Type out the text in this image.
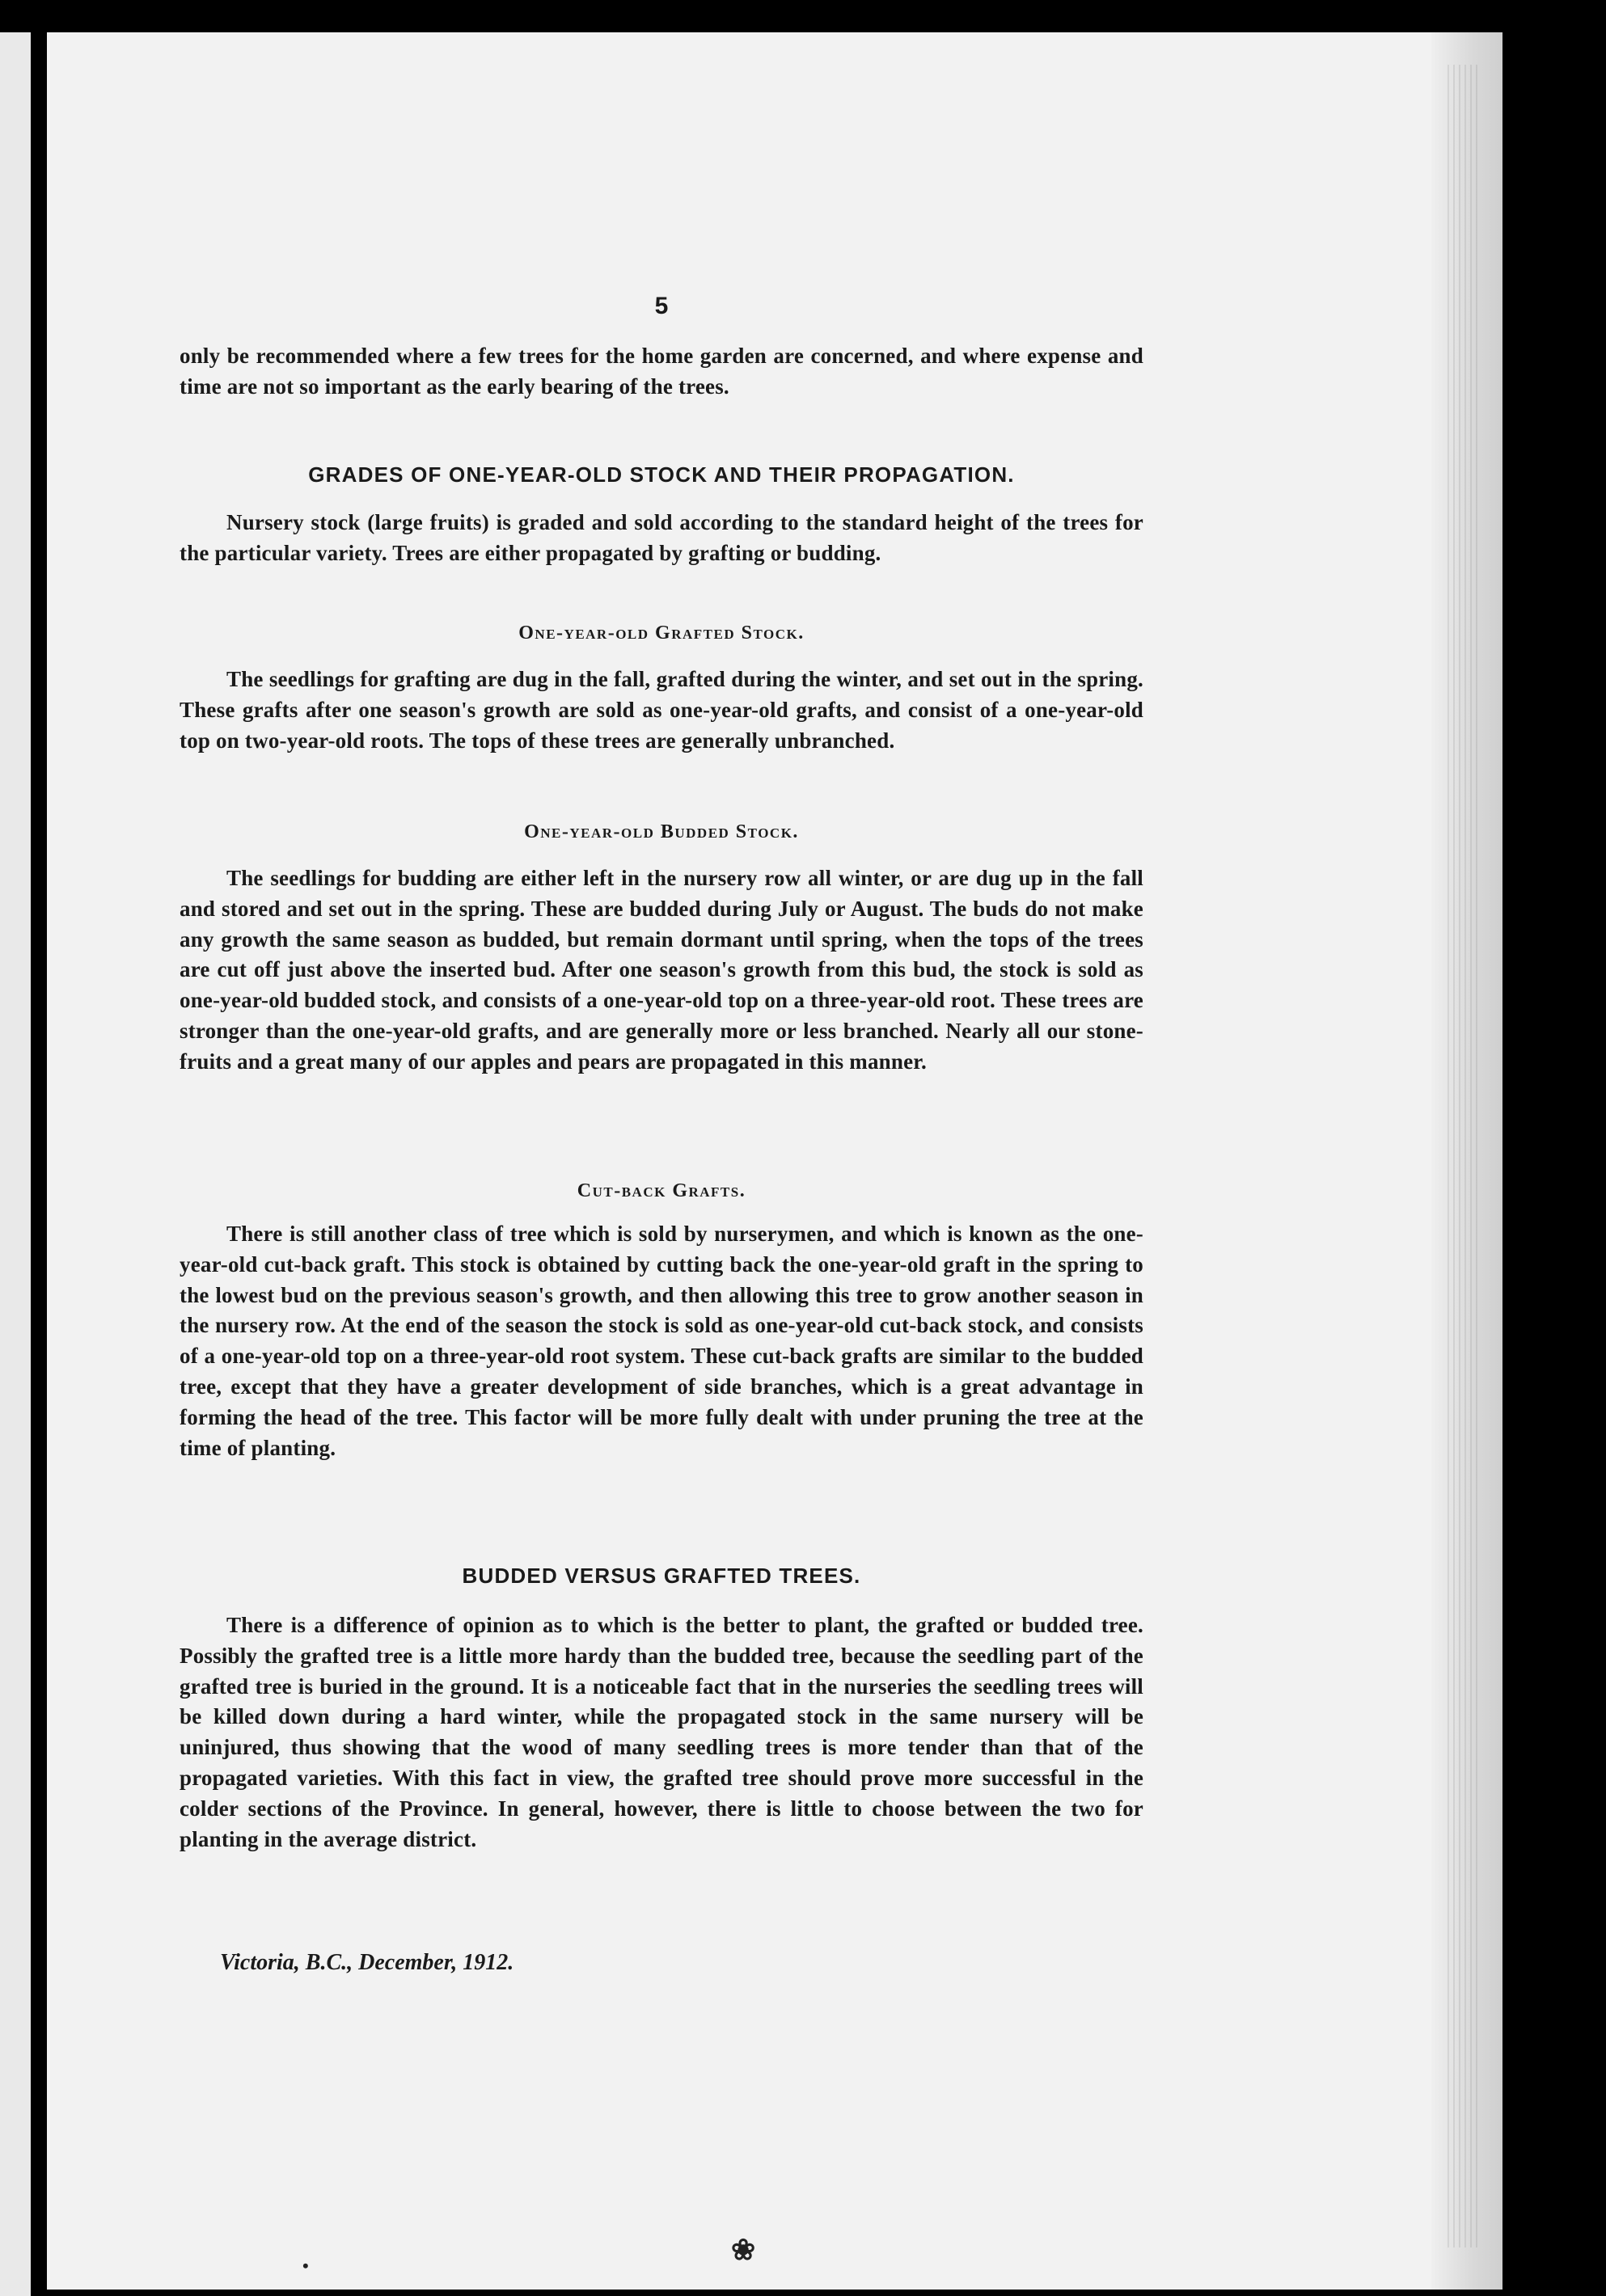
5

only be recommended where a few trees for the home garden are concerned, and where expense and time are not so important as the early bearing of the trees.

GRADES OF ONE-YEAR-OLD STOCK AND THEIR PROPAGATION.

Nursery stock (large fruits) is graded and sold according to the standard height of the trees for the particular variety. Trees are either propagated by grafting or budding.

One-year-old Grafted Stock.

The seedlings for grafting are dug in the fall, grafted during the winter, and set out in the spring. These grafts after one season's growth are sold as one-year-old grafts, and consist of a one-year-old top on two-year-old roots. The tops of these trees are generally unbranched.

One-year-old Budded Stock.

The seedlings for budding are either left in the nursery row all winter, or are dug up in the fall and stored and set out in the spring. These are budded during July or August. The buds do not make any growth the same season as budded, but remain dormant until spring, when the tops of the trees are cut off just above the inserted bud. After one season's growth from this bud, the stock is sold as one-year-old budded stock, and consists of a one-year-old top on a three-year-old root. These trees are stronger than the one-year-old grafts, and are generally more or less branched. Nearly all our stone-fruits and a great many of our apples and pears are propagated in this manner.

Cut-back Grafts.

There is still another class of tree which is sold by nurserymen, and which is known as the one-year-old cut-back graft. This stock is obtained by cutting back the one-year-old graft in the spring to the lowest bud on the previous season's growth, and then allowing this tree to grow another season in the nursery row. At the end of the season the stock is sold as one-year-old cut-back stock, and consists of a one-year-old top on a three-year-old root system. These cut-back grafts are similar to the budded tree, except that they have a greater development of side branches, which is a great advantage in forming the head of the tree. This factor will be more fully dealt with under pruning the tree at the time of planting.

BUDDED VERSUS GRAFTED TREES.

There is a difference of opinion as to which is the better to plant, the grafted or budded tree. Possibly the grafted tree is a little more hardy than the budded tree, because the seedling part of the grafted tree is buried in the ground. It is a noticeable fact that in the nurseries the seedling trees will be killed down during a hard winter, while the propagated stock in the same nursery will be uninjured, thus showing that the wood of many seedling trees is more tender than that of the propagated varieties. With this fact in view, the grafted tree should prove more successful in the colder sections of the Province. In general, however, there is little to choose between the two for planting in the average district.

Victoria, B.C., December, 1912.

•	❀
